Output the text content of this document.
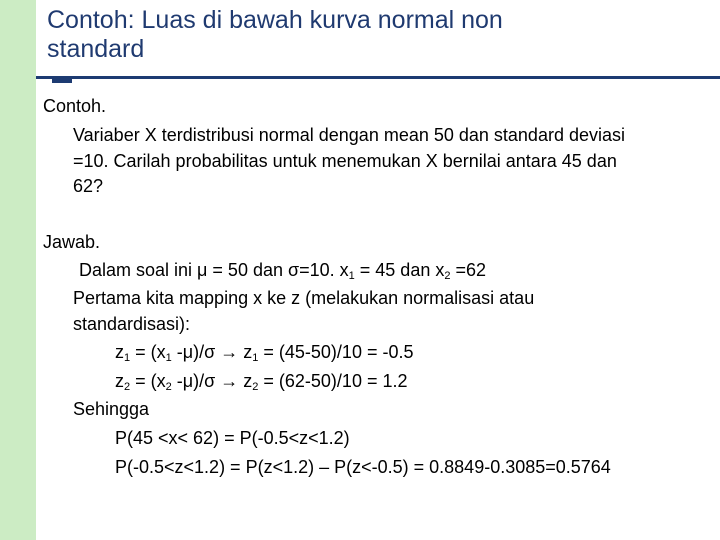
Contoh: Luas di bawah kurva normal non
standard
Contoh.
Variaber X terdistribusi normal dengan mean 50 dan standard deviasi
=10. Carilah probabilitas untuk menemukan X bernilai antara 45 dan
62?
Jawab.
Dalam soal ini μ = 50 dan σ=10. $x_1 = 45$ dan $x_2 =62$
Pertama kita mapping x ke z (melakukan normalisasi atau
standardisasi):
$z_1 = (x_1$ $-\mu)/\sigma \to z_1 = (45-50)/10 = -0.5$
$z_2 = (x_2$ $-\mu)/\sigma \to z_2 = (62-50)/10 = 1.2$
Sehingga
P(45 <x< 62) = P(-0.5<z<1.2)
P(-0.5<z<1.2) = P(z<1.2) – P(z<-0.5) = 0.8849-0.3085=0.5764
